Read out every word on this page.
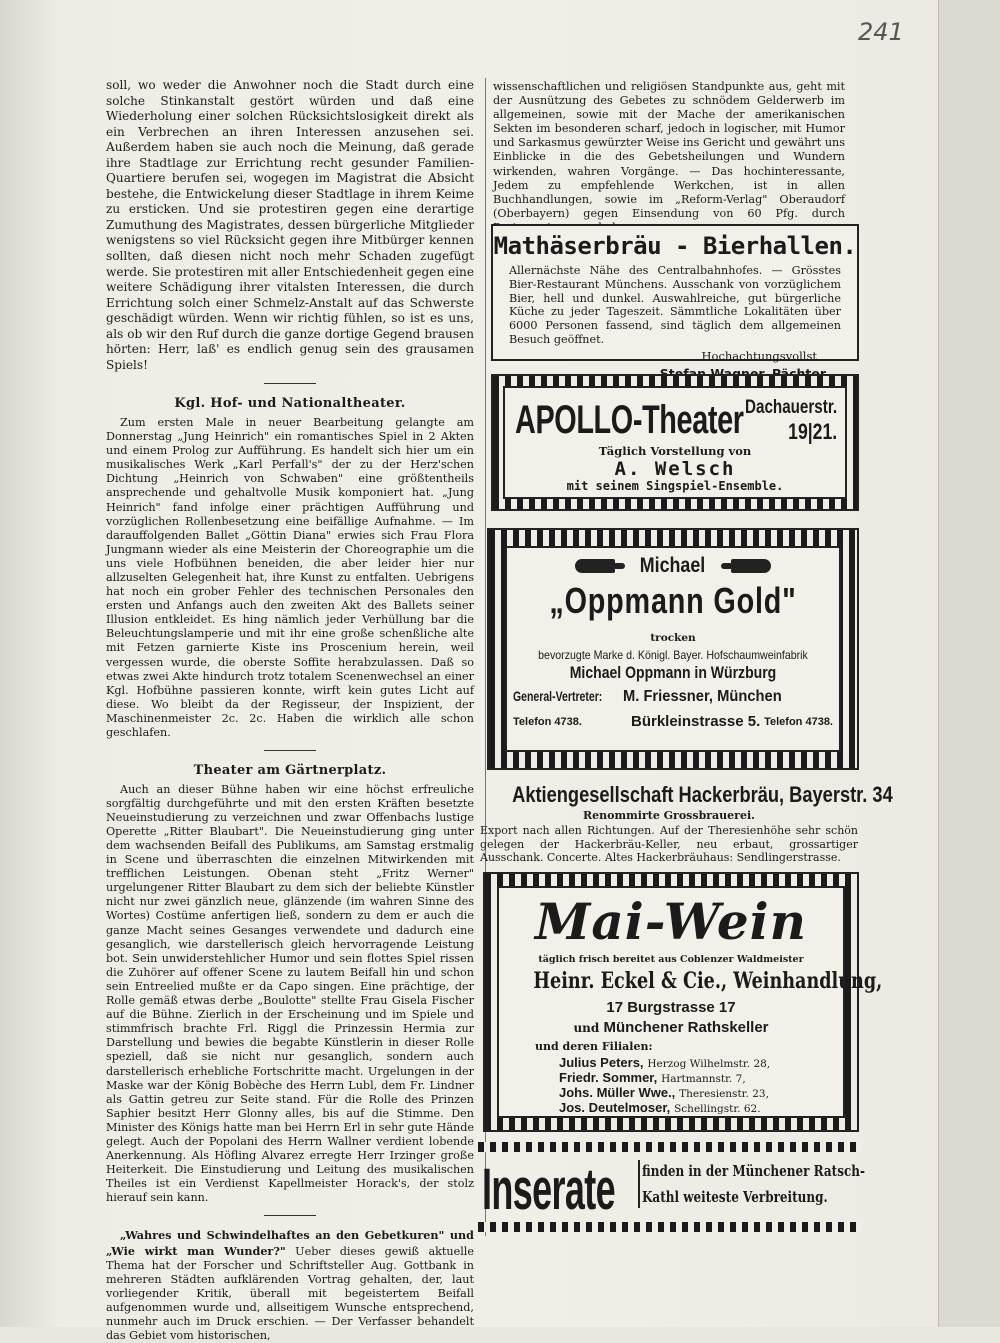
241

soll, wo weder die Anwohner noch die Stadt durch eine solche Stinkanstalt gestört würden und daß eine Wiederholung einer solchen Rücksichtslosigkeit direkt als ein Verbrechen an ihren Interessen anzusehen sei. Außerdem haben sie auch noch die Meinung, daß gerade ihre Stadtlage zur Errichtung recht gesunder Familien-Quartiere berufen sei, wogegen im Magistrat die Absicht bestehe, die Entwickelung dieser Stadtlage in ihrem Keime zu ersticken. Und sie protestiren gegen eine derartige Zumuthung des Magistrates, dessen bürgerliche Mitglieder wenigstens so viel Rücksicht gegen ihre Mitbürger kennen sollten, daß diesen nicht noch mehr Schaden zugefügt werde. Sie protestiren mit aller Entschiedenheit gegen eine weitere Schädigung ihrer vitalsten Interessen, die durch Errichtung solch einer Schmelz-Anstalt auf das Schwerste geschädigt würden. Wenn wir richtig fühlen, so ist es uns, als ob wir den Ruf durch die ganze dortige Gegend brausen hörten: Herr, laß' es endlich genug sein des grausamen Spiels!

Kgl. Hof- und Nationaltheater.

Zum ersten Male in neuer Bearbeitung gelangte am Donnerstag „Jung Heinrich" ein romantisches Spiel in 2 Akten und einem Prolog zur Aufführung. Es handelt sich hier um ein musikalisches Werk „Karl Perfall's" der zu der Herz'schen Dichtung „Heinrich von Schwaben" eine größtentheils ansprechende und gehaltvolle Musik komponiert hat. „Jung Heinrich" fand infolge einer prächtigen Aufführung und vorzüglichen Rollenbesetzung eine beifällige Aufnahme. — Im darauffolgenden Ballet „Göttin Diana" erwies sich Frau Flora Jungmann wieder als eine Meisterin der Choreographie um die uns viele Hofbühnen beneiden, die aber leider hier nur allzuselten Gelegenheit hat, ihre Kunst zu entfalten. Uebrigens hat noch ein grober Fehler des technischen Personales den ersten und Anfangs auch den zweiten Akt des Ballets seiner Illusion entkleidet. Es hing nämlich jeder Verhüllung bar die Beleuchtungslamperie und mit ihr eine große schenßliche alte mit Fetzen garnierte Kiste ins Proscenium herein, weil vergessen wurde, die oberste Soffite herabzulassen. Daß so etwas zwei Akte hindurch trotz totalem Scenenwechsel an einer Kgl. Hofbühne passieren konnte, wirft kein gutes Licht auf diese. Wo bleibt da der Regisseur, der Inspizient, der Maschinenmeister 2c. 2c. Haben die wirklich alle schon geschlafen.

Theater am Gärtnerplatz.

Auch an dieser Bühne haben wir eine höchst erfreuliche sorgfältig durchgeführte und mit den ersten Kräften besetzte Neueinstudierung zu verzeichnen und zwar Offenbachs lustige Operette „Ritter Blaubart". Die Neueinstudierung ging unter dem wachsenden Beifall des Publikums, am Samstag erstmalig in Scene und überraschten die einzelnen Mitwirkenden mit trefflichen Leistungen. Obenan steht „Fritz Werner" urgelungener Ritter Blaubart zu dem sich der beliebte Künstler nicht nur zwei gänzlich neue, glänzende (im wahren Sinne des Wortes) Costüme anfertigen ließ, sondern zu dem er auch die ganze Macht seines Gesanges verwendete und dadurch eine gesanglich, wie darstellerisch gleich hervorragende Leistung bot. Sein unwiderstehlicher Humor und sein flottes Spiel rissen die Zuhörer auf offener Scene zu lautem Beifall hin und schon sein Entreelied mußte er da Capo singen. Eine prächtige, der Rolle gemäß etwas derbe „Boulotte" stellte Frau Gisela Fischer auf die Bühne. Zierlich in der Erscheinung und im Spiele und stimmfrisch brachte Frl. Riggl die Prinzessin Hermia zur Darstellung und bewies die begabte Künstlerin in dieser Rolle speziell, daß sie nicht nur gesanglich, sondern auch darstellerisch erhebliche Fortschritte macht. Urgelungen in der Maske war der König Bobèche des Herrn Lubl, dem Fr. Lindner als Gattin getreu zur Seite stand. Für die Rolle des Prinzen Saphier besitzt Herr Glonny alles, bis auf die Stimme. Den Minister des Königs hatte man bei Herrn Erl in sehr gute Hände gelegt. Auch der Popolani des Herrn Wallner verdient lobende Anerkennung. Als Höfling Alvarez erregte Herr Irzinger große Heiterkeit. Die Einstudierung und Leitung des musikalischen Theiles ist ein Verdienst Kapellmeister Horack's, der stolz hierauf sein kann.

„Wahres und Schwindelhaftes an den Gebetkuren" und „Wie wirkt man Wunder?" Ueber dieses gewiß aktuelle Thema hat der Forscher und Schriftsteller Aug. Gottbank in mehreren Städten aufklärenden Vortrag gehalten, der, laut vorliegender Kritik, überall mit begeistertem Beifall aufgenommen wurde und, allseitigem Wunsche entsprechend, nunmehr auch im Druck erschien. — Der Verfasser behandelt das Gebiet vom historischen,

wissenschaftlichen und religiösen Standpunkte aus, geht mit der Ausnützung des Gebetes zu schnödem Gelderwerb im allgemeinen, sowie mit der Mache der amerikanischen Sekten im besonderen scharf, jedoch in logischer, mit Humor und Sarkasmus gewürzter Weise ins Gericht und gewährt uns Einblicke in die des Gebetsheilungen und Wundern wirkenden, wahren Vorgänge. — Das hochinteressante, Jedem zu empfehlende Werkchen, ist in allen Buchhandlungen, sowie im „Reform-Verlag" Oberaudorf (Oberbayern) gegen Einsendung von 60 Pfg. durch

Mathäserbräu - Bierhallen.
Allernächste Nähe des Centralbahnhofes. — Grösstes Bier-Restaurant Münchens. Ausschank von vorzüglichem Bier, hell und dunkel. Auswahlreiche, gut bürgerliche Küche zu jeder Tageszeit. Sämmtliche Lokalitäten über 6000 Personen fassend, sind täglich dem allgemeinen Besuch geöffnet.
Hochachtungsvollst
APOLLO-Theater Dachauerstr.
19|21.
Täglich Vorstellung von
A. Welsch
mit seinem Singspiel-Ensemble.
Michael
„Oppmann Gold"
trocken
bevorzugte Marke d. Königl. Bayer. Hofschaumweinfabrik
Michael Oppmann in Würzburg
General-Vertreter: M. Friessner, München
Telefon 4738.	Bürkleinstrasse 5. Telefon 4738.
Aktiengesellschaft Hackerbräu, Bayerstr. 34
Renommirte Grossbrauerei.
Export nach allen Richtungen. Auf der Theresienhöhe sehr schön gelegen der Hackerbräu-Keller, neu erbaut, grossartiger Ausschank. Concerte. Altes Hackerbräuhaus: Sendlingerstrasse.
Mai-Wein
täglich frisch bereitet aus Coblenzer Waldmeister
Heinr. Eckel & Cie., Weinhandlung,
17 Burgstrasse 17
und Münchener Rathskeller
und deren Filialen:
Julius Peters, Herzog Wilhelmstr. 28,
Friedr. Sommer, Hartmannstr. 7,
Johs. Müller Wwe., Theresienstr. 23,
Jos. Deutelmoser, Schellingstr. 62.
Inserate finden in der Münchener Ratsch-
Kathl weiteste Verbreitung.
